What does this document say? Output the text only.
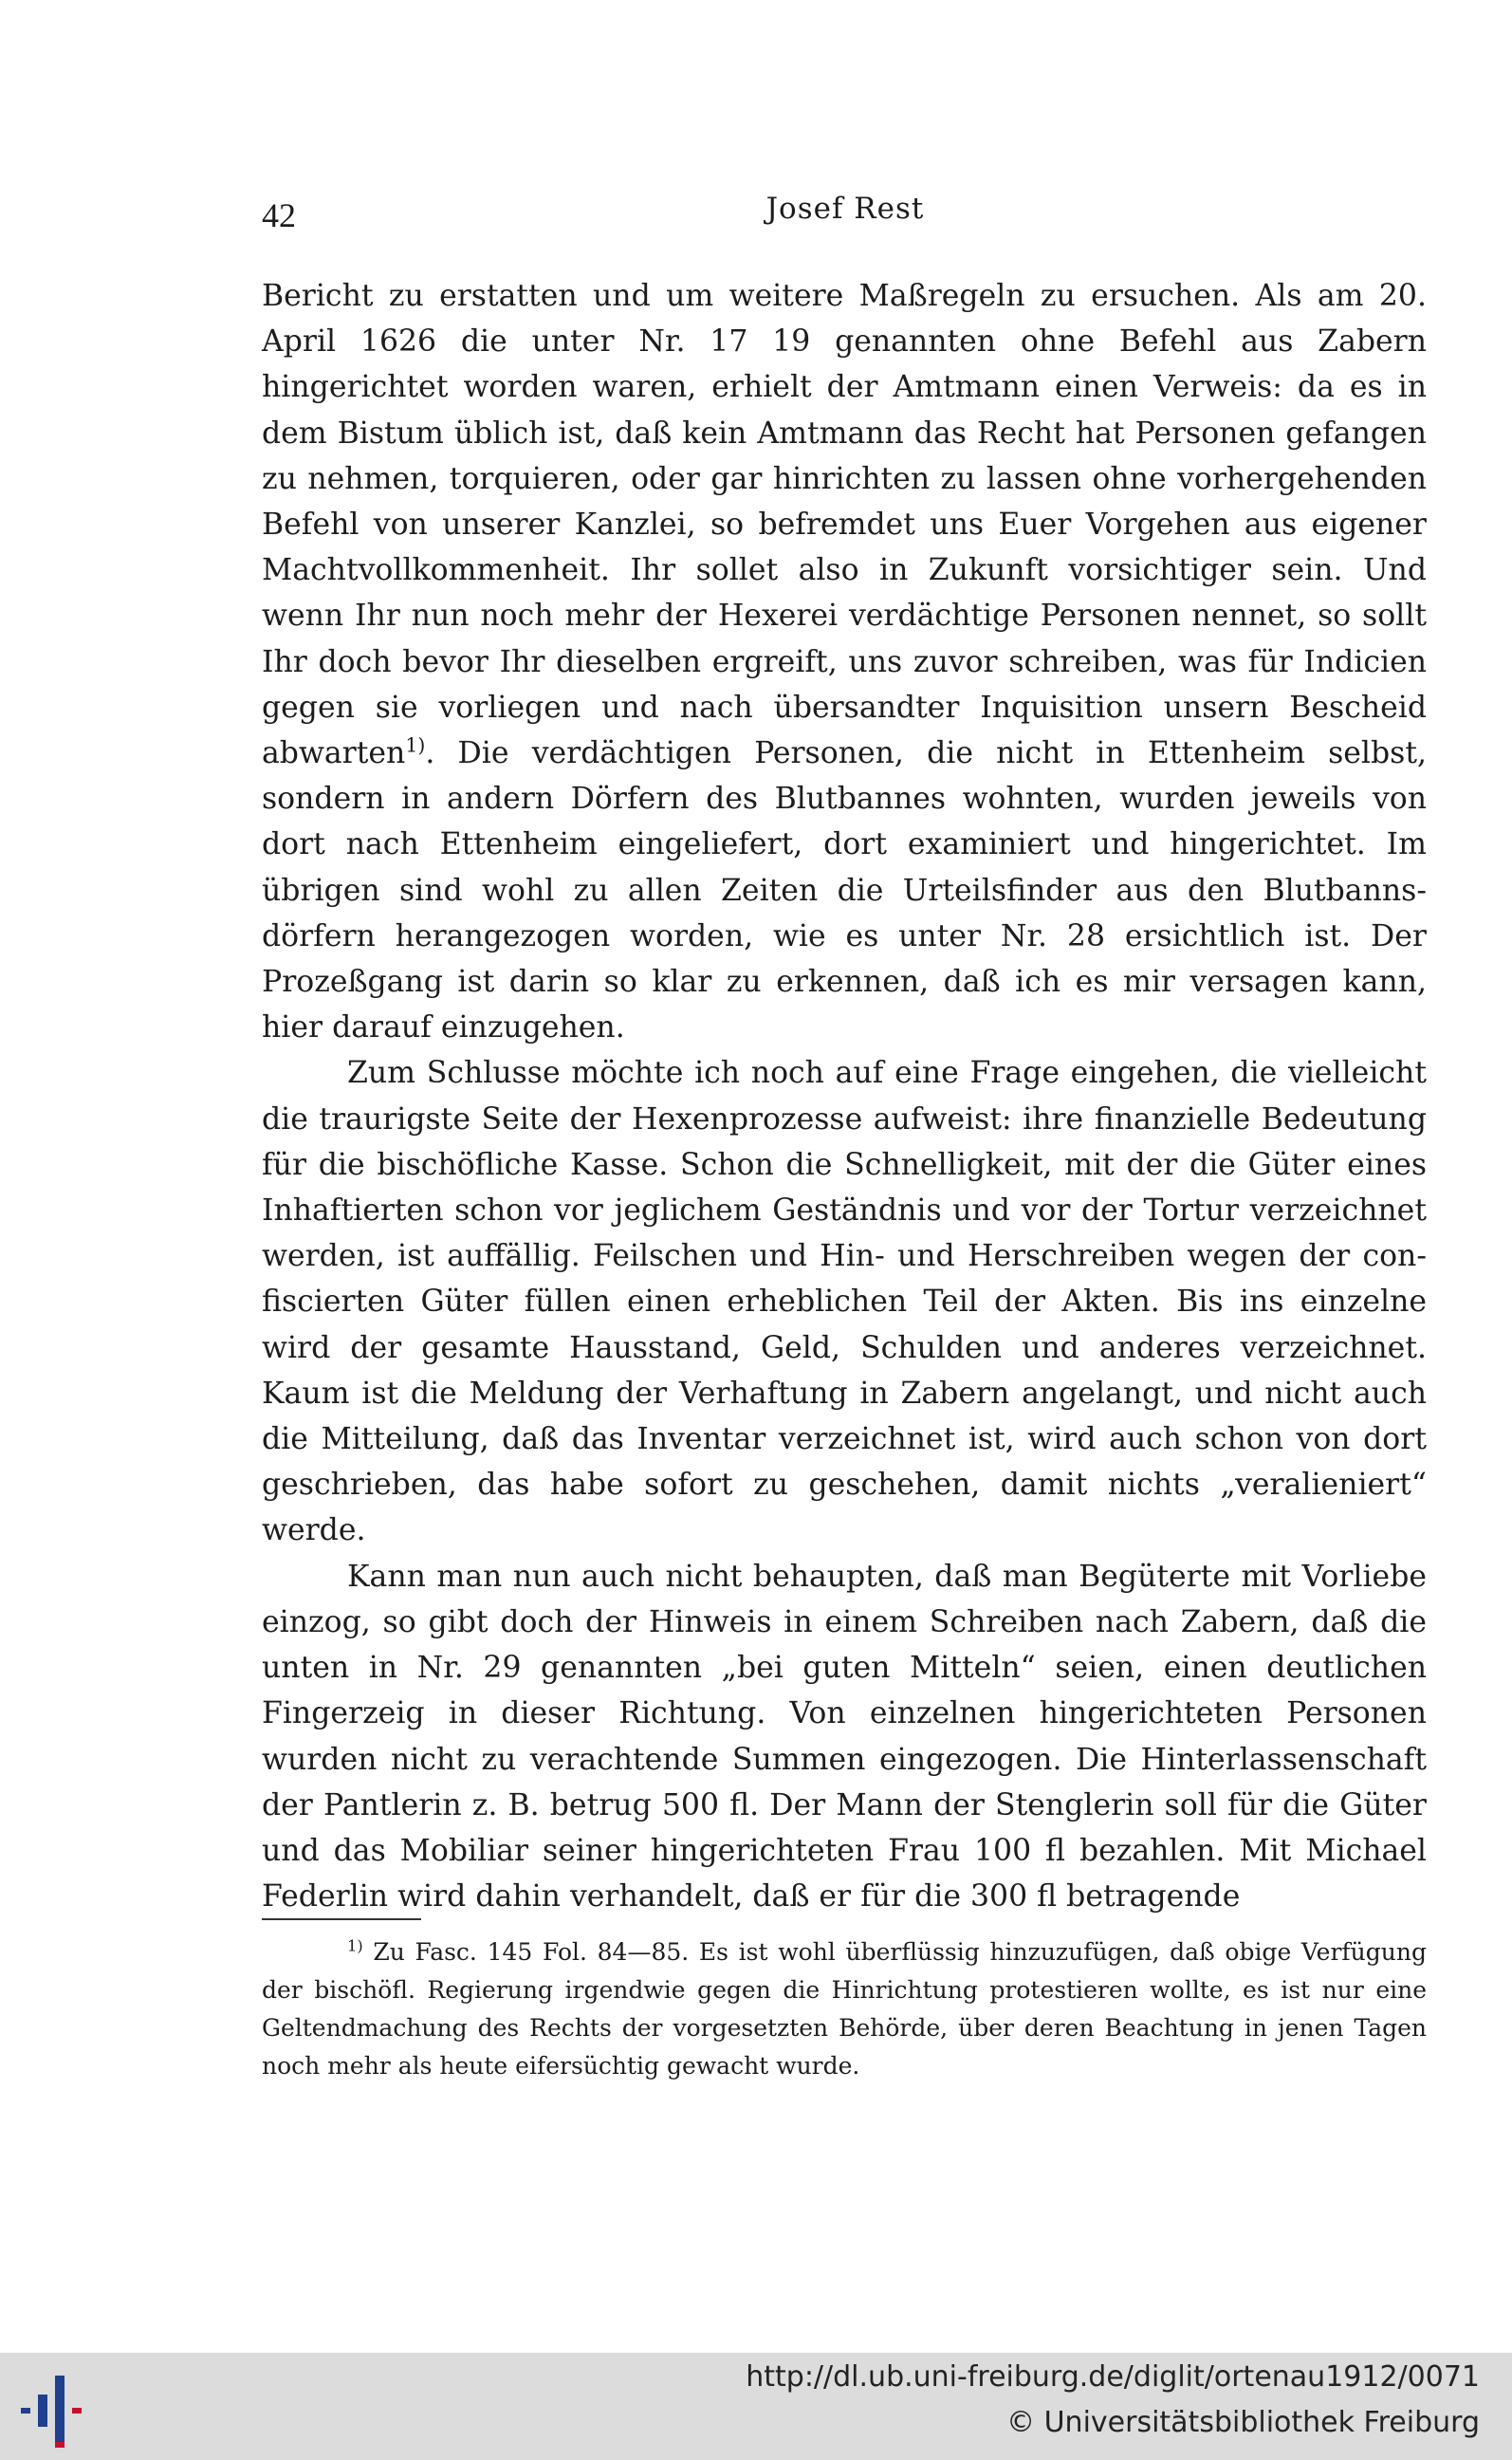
42	Josef Rest

Bericht zu erstatten und um weitere Maßregeln zu ersuchen. Als am 20. April 1626 die unter Nr. 17 19 genannten ohne Befehl aus Zabern hingerichtet worden waren, erhielt der Amtmann einen Verweis: da es in dem Bistum üblich ist, daß kein Amtmann das Recht hat Personen gefangen zu nehmen, torquieren, oder gar hinrichten zu lassen ohne vorhergehenden Befehl von unserer Kanzlei, so befremdet uns Euer Vorgehen aus eigener Machtvollkommenheit. Ihr sollet also in Zukunft vorsichtiger sein. Und wenn Ihr nun noch mehr der Hexerei verdächtige Personen nennet, so sollt Ihr doch bevor Ihr dieselben ergreift, uns zuvor schreiben, was für Indicien gegen sie vorliegen und nach übersandter Inquisition unsern Bescheid abwarten$^{1)}$. Die verdächtigen Personen, die nicht in Ettenheim selbst, sondern in andern Dörfern des Blutbannes wohnten, wurden jeweils von dort nach Ettenheim eingeliefert, dort examiniert und hingerichtet. Im übrigen sind wohl zu allen Zeiten die Urteilsfinder aus den Blutbannsdörfern herangezogen worden, wie es unter Nr. 28 ersichtlich ist. Der Prozeßgang ist darin so klar zu erkennen, daß ich es mir versagen kann, hier darauf einzugehen.

Zum Schlusse möchte ich noch auf eine Frage eingehen, die vielleicht die traurigste Seite der Hexenprozesse aufweist: ihre finanzielle Bedeutung für die bischöfliche Kasse. Schon die Schnelligkeit, mit der die Güter eines Inhaftierten schon vor jeglichem Geständnis und vor der Tortur verzeichnet werden, ist auffällig. Feilschen und Hin- und Herschreiben wegen der confiscierten Güter füllen einen erheblichen Teil der Akten. Bis ins einzelne wird der gesamte Hausstand, Geld, Schulden und anderes verzeichnet. Kaum ist die Meldung der Verhaftung in Zabern angelangt, und nicht auch die Mitteilung, daß das Inventar verzeichnet ist, wird auch schon von dort geschrieben, das habe sofort zu geschehen, damit nichts „veralieniert“ werde.

Kann man nun auch nicht behaupten, daß man Begüterte mit Vorliebe einzog, so gibt doch der Hinweis in einem Schreiben nach Zabern, daß die unten in Nr. 29 genannten „bei guten Mitteln“ seien, einen deutlichen Fingerzeig in dieser Richtung. Von einzelnen hingerichteten Personen wurden nicht zu verachtende Summen eingezogen. Die Hinterlassenschaft der Pantlerin z. B. betrug 500 fl. Der Mann der Stenglerin soll für die Güter und das Mobiliar seiner hingerichteten Frau 100 fl bezahlen. Mit Michael Federlin wird dahin verhandelt, daß er für die 300 fl betragende

$^{1)}$ Zu Fasc. 145 Fol. 84—85. Es ist wohl überflüssig hinzuzufügen, daß obige Verfügung der bischöfl. Regierung irgendwie gegen die Hinrichtung protestieren wollte, es ist nur eine Geltendmachung des Rechts der vorgesetzten Behörde, über deren Beachtung in jenen Tagen noch mehr als heute eifersüchtig gewacht wurde.

http://dl.ub.uni-freiburg.de/diglit/ortenau1912/0071
© Universitätsbibliothek Freiburg
